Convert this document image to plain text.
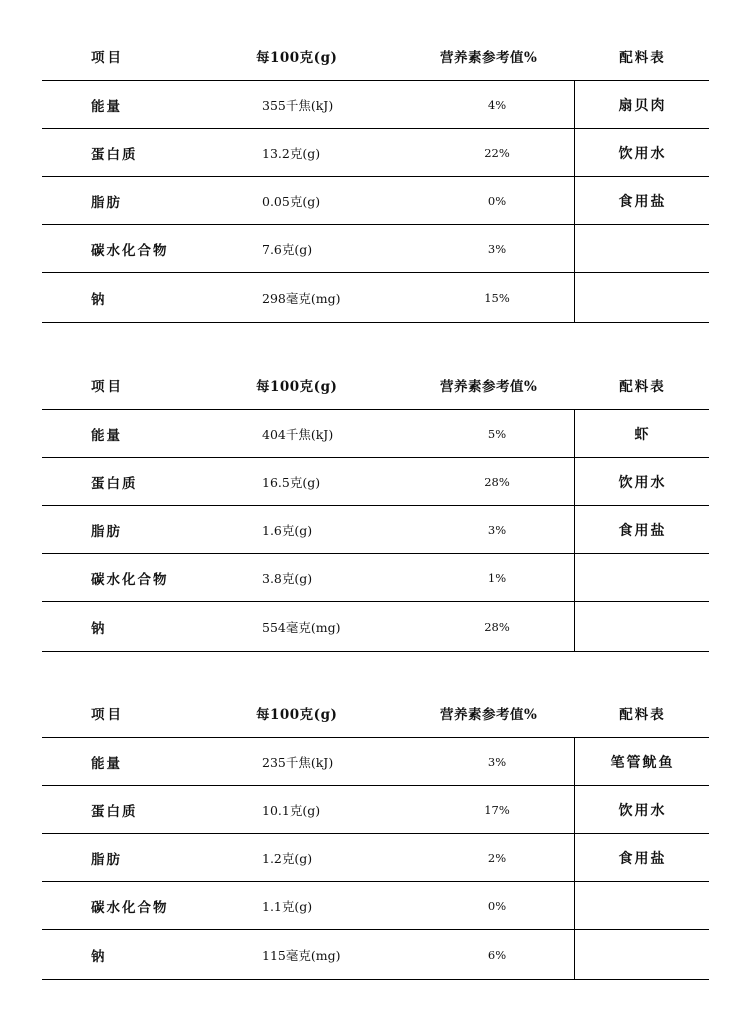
项目	每100克(g)	营养素参考值%	配料表
能量	355千焦(kJ)	4%	扇贝肉
蛋白质	13.2克(g)	22%	饮用水
脂肪	0.05克(g)	0%	食用盐
碳水化合物	7.6克(g)	3%
钠	298毫克(mg)	15%
项目	每100克(g)	营养素参考值%	配料表
能量	404千焦(kJ)	5%	虾
蛋白质	16.5克(g)	28%	饮用水
脂肪	1.6克(g)	3%	食用盐
碳水化合物	3.8克(g)	1%
钠	554毫克(mg)	28%
项目	每100克(g)	营养素参考值%	配料表
能量	235千焦(kJ)	3%	笔管鱿鱼
蛋白质	10.1克(g)	17%	饮用水
脂肪	1.2克(g)	2%	食用盐
碳水化合物	1.1克(g)	0%
钠	115毫克(mg)	6%
